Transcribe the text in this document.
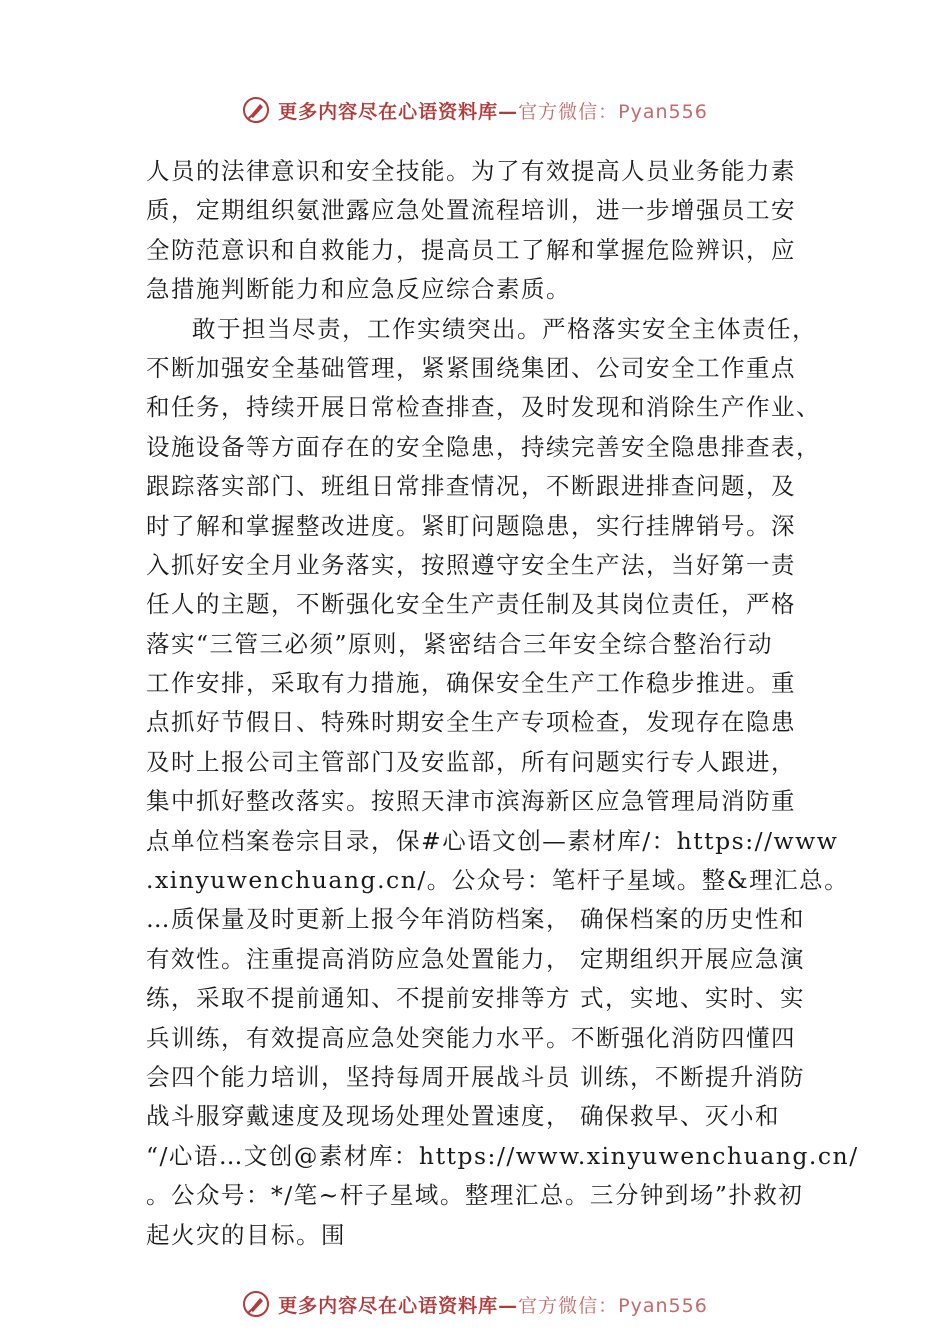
更多内容尽在心语资料库—官方微信：Pyan556
人员的法律意识和安全技能。为了有效提高人员业务能力素
质，定期组织氨泄露应急处置流程培训，进一步增强员工安
全防范意识和自救能力，提高员工了解和掌握危险辨识，应
急措施判断能力和应急反应综合素质。
敢于担当尽责，工作实绩突出。严格落实安全主体责任，
不断加强安全基础管理，紧紧围绕集团、公司安全工作重点
和任务，持续开展日常检查排查，及时发现和消除生产作业、
设施设备等方面存在的安全隐患，持续完善安全隐患排查表，
跟踪落实部门、班组日常排查情况，不断跟进排查问题，及
时了解和掌握整改进度。紧盯问题隐患，实行挂牌销号。深
入抓好安全月业务落实，按照遵守安全生产法，当好第一责
任人的主题，不断强化安全生产责任制及其岗位责任，严格
落实“三管三必须”原则，紧密结合三年安全综合整治行动
工作安排，采取有力措施，确保安全生产工作稳步推进。重
点抓好节假日、特殊时期安全生产专项检查，发现存在隐患
及时上报公司主管部门及安监部，所有问题实行专人跟进，
集中抓好整改落实。按照天津市滨海新区应急管理局消防重
点单位档案卷宗目录，保#心语文创—素材库/：https://www
.xinyuwenchuang.cn/。公众号：笔杆子星域。整&理汇总。
…质保量及时更新上报今年消防档案， 确保档案的历史性和
有效性。注重提高消防应急处置能力， 定期组织开展应急演
练，采取不提前通知、不提前安排等方 式，实地、实时、实
兵训练，有效提高应急处突能力水平。不断强化消防四懂四
会四个能力培训，坚持每周开展战斗员 训练，不断提升消防
战斗服穿戴速度及现场处理处置速度， 确保救早、灭小和
“/心语…文创@素材库：https://www.xinyuwenchuang.cn/
。公众号：*/笔~杆子星域。整理汇总。三分钟到场”扑救初
起火灾的目标。围
更多内容尽在心语资料库—官方微信：Pyan556
